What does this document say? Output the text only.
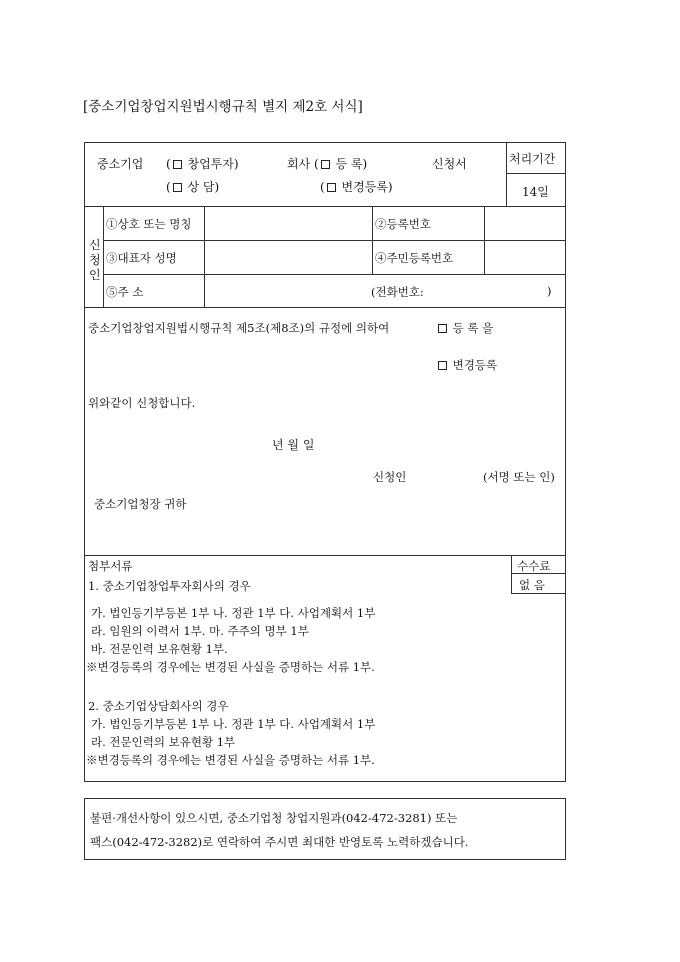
[중소기업창업지원법시행규칙 별지 제2호 서식]
중소기업 ( 창업투자)
( 상 담)
회사 ( 등 록)
( 변경등록)
신청서	처리기간
14일
신
청
인
①상호 또는 명칭	②등록번호
③대표자 성명	④주민등록번호
⑤주 소	(전화번호:	)
중소기업창업지원법시행규칙 제5조(제8조)의 규정에 의하여	등 록 을
변경등록
위와같이 신청합니다.
년 월 일
신청인	(서명 또는 인)
중소기업청장 귀하
첨부서류	수수료
없 음
1. 중소기업창업투자회사의 경우
가. 법인등기부등본 1부 나. 정관 1부 다. 사업계획서 1부
라. 임원의 이력서 1부. 마. 주주의 명부 1부
바. 전문인력 보유현황 1부.
※변경등록의 경우에는 변경된 사실을 증명하는 서류 1부.
2. 중소기업상담회사의 경우
가. 법인등기부등본 1부 나. 정관 1부 다. 사업계획서 1부
라. 전문인력의 보유현황 1부
※변경등록의 경우에는 변경된 사실을 증명하는 서류 1부.
불편·개선사항이 있으시면, 중소기업청 창업지원과(042-472-3281) 또는
팩스(042-472-3282)로 연락하여 주시면 최대한 반영토록 노력하겠습니다.
